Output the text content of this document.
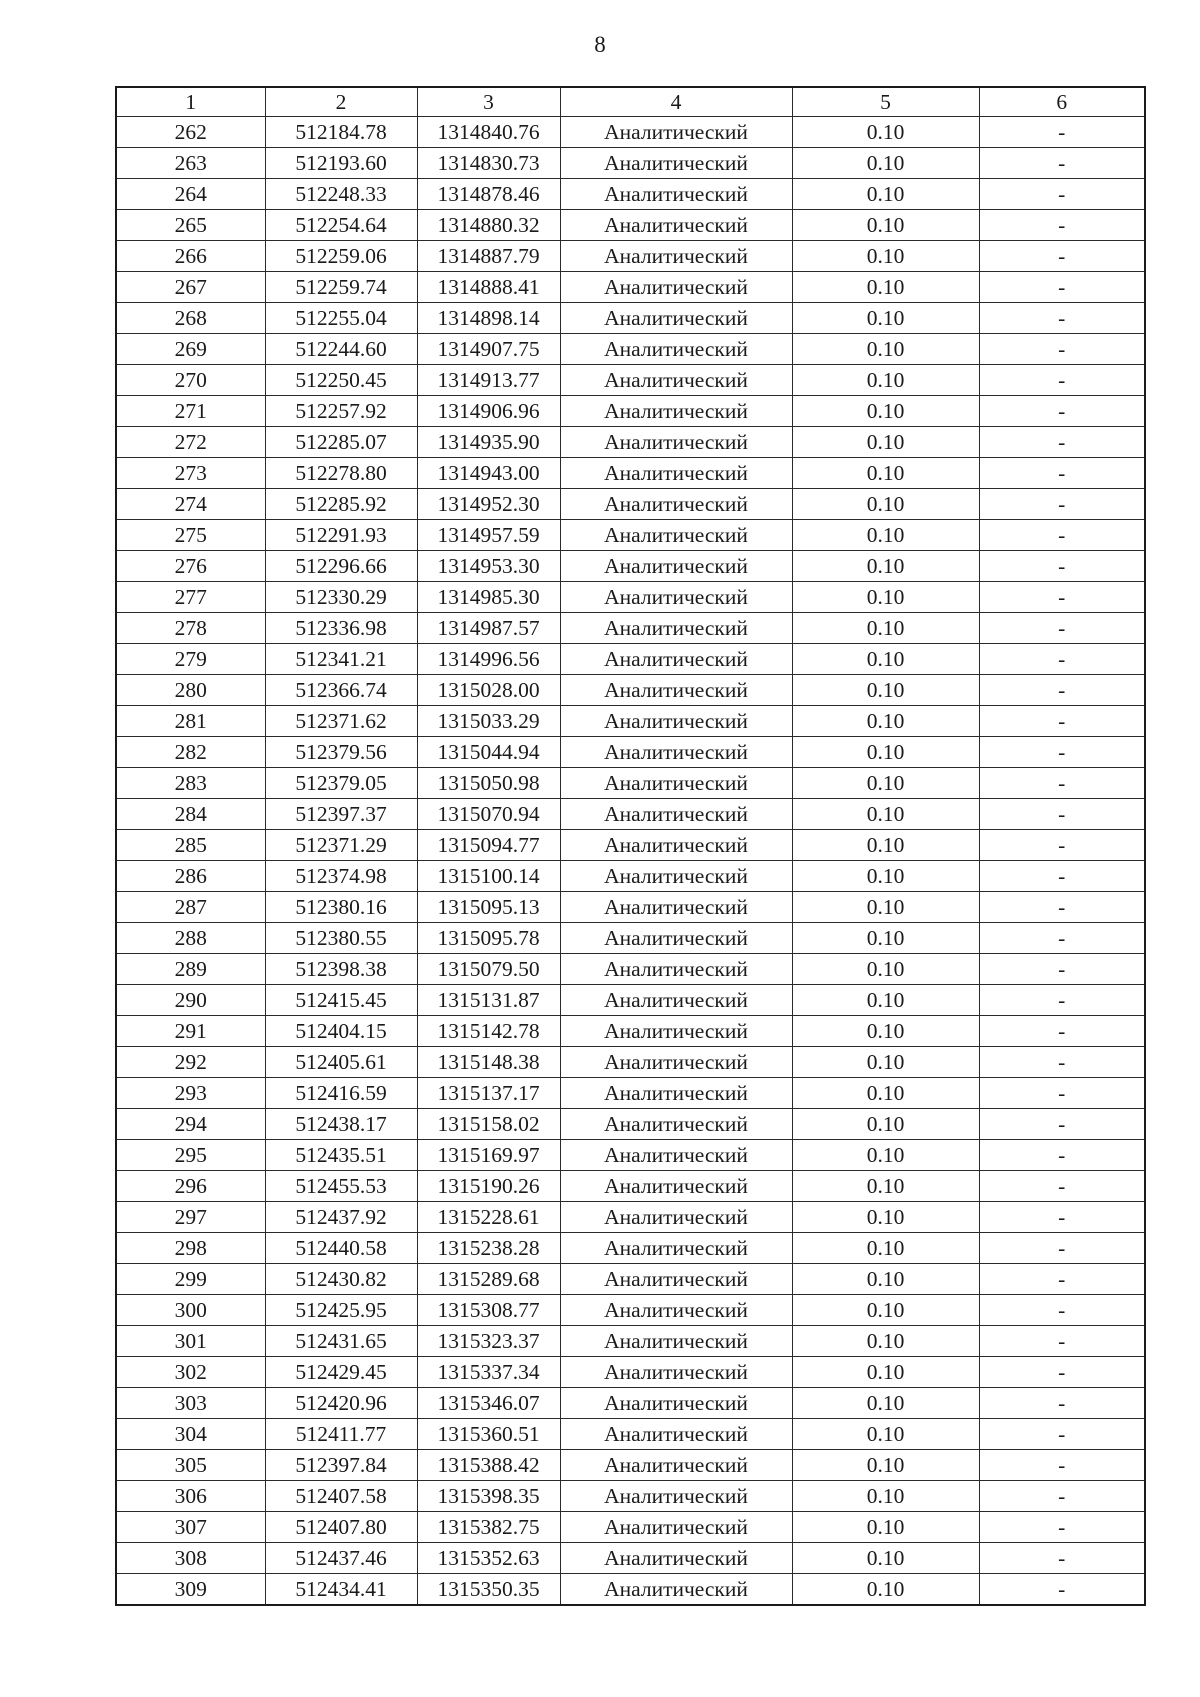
8
1	2	3	4	5	6
262	512184.78	1314840.76	Аналитический	0.10	-
263	512193.60	1314830.73	Аналитический	0.10	-
264	512248.33	1314878.46	Аналитический	0.10	-
265	512254.64	1314880.32	Аналитический	0.10	-
266	512259.06	1314887.79	Аналитический	0.10	-
267	512259.74	1314888.41	Аналитический	0.10	-
268	512255.04	1314898.14	Аналитический	0.10	-
269	512244.60	1314907.75	Аналитический	0.10	-
270	512250.45	1314913.77	Аналитический	0.10	-
271	512257.92	1314906.96	Аналитический	0.10	-
272	512285.07	1314935.90	Аналитический	0.10	-
273	512278.80	1314943.00	Аналитический	0.10	-
274	512285.92	1314952.30	Аналитический	0.10	-
275	512291.93	1314957.59	Аналитический	0.10	-
276	512296.66	1314953.30	Аналитический	0.10	-
277	512330.29	1314985.30	Аналитический	0.10	-
278	512336.98	1314987.57	Аналитический	0.10	-
279	512341.21	1314996.56	Аналитический	0.10	-
280	512366.74	1315028.00	Аналитический	0.10	-
281	512371.62	1315033.29	Аналитический	0.10	-
282	512379.56	1315044.94	Аналитический	0.10	-
283	512379.05	1315050.98	Аналитический	0.10	-
284	512397.37	1315070.94	Аналитический	0.10	-
285	512371.29	1315094.77	Аналитический	0.10	-
286	512374.98	1315100.14	Аналитический	0.10	-
287	512380.16	1315095.13	Аналитический	0.10	-
288	512380.55	1315095.78	Аналитический	0.10	-
289	512398.38	1315079.50	Аналитический	0.10	-
290	512415.45	1315131.87	Аналитический	0.10	-
291	512404.15	1315142.78	Аналитический	0.10	-
292	512405.61	1315148.38	Аналитический	0.10	-
293	512416.59	1315137.17	Аналитический	0.10	-
294	512438.17	1315158.02	Аналитический	0.10	-
295	512435.51	1315169.97	Аналитический	0.10	-
296	512455.53	1315190.26	Аналитический	0.10	-
297	512437.92	1315228.61	Аналитический	0.10	-
298	512440.58	1315238.28	Аналитический	0.10	-
299	512430.82	1315289.68	Аналитический	0.10	-
300	512425.95	1315308.77	Аналитический	0.10	-
301	512431.65	1315323.37	Аналитический	0.10	-
302	512429.45	1315337.34	Аналитический	0.10	-
303	512420.96	1315346.07	Аналитический	0.10	-
304	512411.77	1315360.51	Аналитический	0.10	-
305	512397.84	1315388.42	Аналитический	0.10	-
306	512407.58	1315398.35	Аналитический	0.10	-
307	512407.80	1315382.75	Аналитический	0.10	-
308	512437.46	1315352.63	Аналитический	0.10	-
309	512434.41	1315350.35	Аналитический	0.10	-
